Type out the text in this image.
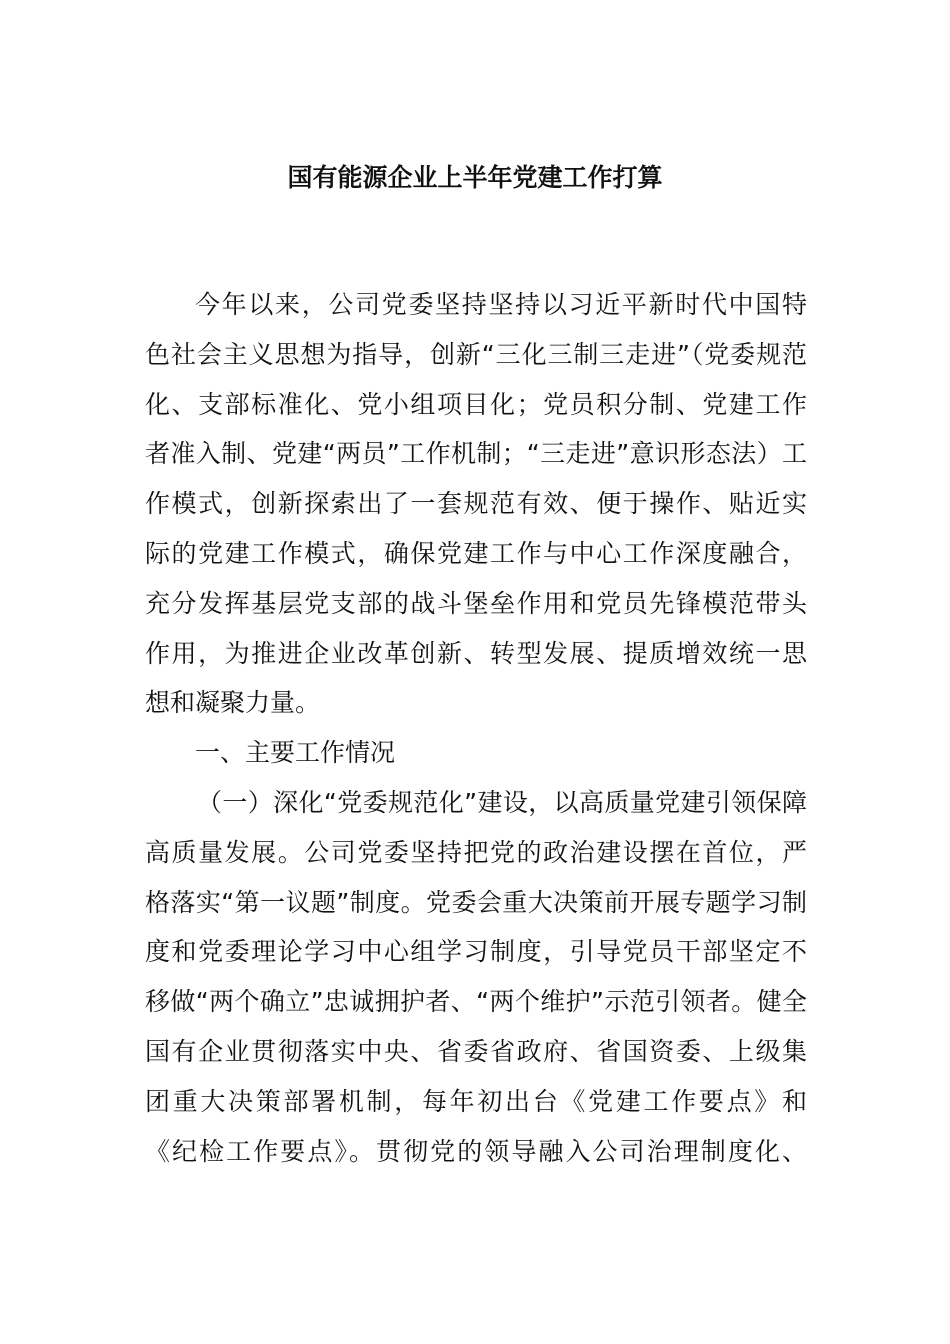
国有能源企业上半年党建工作打算

今年以来，公司党委坚持坚持以习近平新时代中国特
色社会主义思想为指导，创新“三化三制三走进”（党委规范
化、支部标准化、党小组项目化；党员积分制、党建工作
者准入制、党建“两员”工作机制；“三走进”意识形态法）工
作模式，创新探索出了一套规范有效、便于操作、贴近实
际的党建工作模式，确保党建工作与中心工作深度融合，
充分发挥基层党支部的战斗堡垒作用和党员先锋模范带头
作用，为推进企业改革创新、转型发展、提质增效统一思
想和凝聚力量。

一、主要工作情况

（一）深化“党委规范化”建设，以高质量党建引领保障
高质量发展。公司党委坚持把党的政治建设摆在首位，严
格落实“第一议题”制度。党委会重大决策前开展专题学习制
度和党委理论学习中心组学习制度，引导党员干部坚定不
移做“两个确立”忠诚拥护者、“两个维护”示范引领者。健全
国有企业贯彻落实中央、省委省政府、省国资委、上级集
团重大决策部署机制，每年初出台《党建工作要点》和
《纪检工作要点》。贯彻党的领导融入公司治理制度化、
